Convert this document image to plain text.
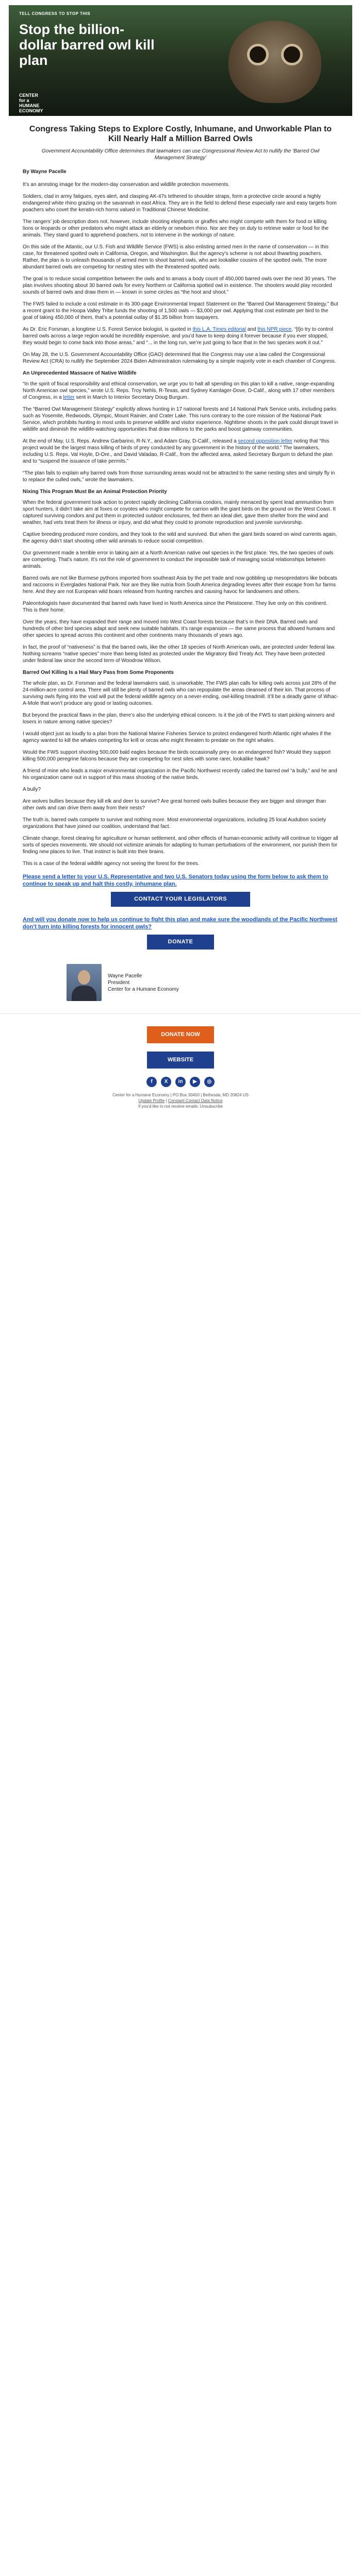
TELL CONGRESS TO STOP THIS
Stop the billion-dollar barred owl kill plan
CENTER
for a
HUMANE
ECONOMY
Congress Taking Steps to Explore Costly, Inhumane, and Unworkable Plan to Kill Nearly Half a Million Barred Owls
Government Accountability Office determines that lawmakers can use Congressional Review Act to nullify the ‘Barred Owl Management Strategy’

By Wayne Pacelle

It’s an arresting image for the modern-day conservation and wildlife protection movements.

Soldiers, clad in army fatigues, eyes alert, and clasping AK-47s tethered to shoulder straps, form a protective circle around a highly endangered white rhino grazing on the savannah in east Africa. They are in the field to defend these especially rare and easy targets from poachers who covet the keratin-rich horns valued in Traditional Chinese Medicine.

The rangers’ job description does not, however, include shooting elephants or giraffes who might compete with them for food or killing lions or leopards or other predators who might attack an elderly or newborn rhino. Nor are they on duty to retrieve water or food for the animals. They stand guard to apprehend poachers, not to intervene in the workings of nature.

On this side of the Atlantic, our U.S. Fish and Wildlife Service (FWS) is also enlisting armed men in the name of conservation — in this case, for threatened spotted owls in California, Oregon, and Washington. But the agency’s scheme is not about thwarting poachers. Rather, the plan is to unleash thousands of armed men to shoot barred owls, who are lookalike cousins of the spotted owls. The more abundant barred owls are competing for nesting sites with the threatened spotted owls.

The goal is to reduce social competition between the owls and to amass a body count of 450,000 barred owls over the next 30 years. The plan involves shooting about 30 barred owls for every Northern or California spotted owl in existence. The shooters would play recorded sounds of barred owls and draw them in — known in some circles as “the hoot and shoot.”

The FWS failed to include a cost estimate in its 300-page Environmental Impact Statement on the “Barred Owl Management Strategy.” But a recent grant to the Hoopa Valley Tribe funds the shooting of 1,500 owls — $3,000 per owl. Applying that cost estimate per bird to the goal of taking 450,000 of them, that’s a potential outlay of $1.35 billion from taxpayers.

As Dr. Eric Forsman, a longtime U.S. Forest Service biologist, is quoted in this L.A. Times editorial and this NPR piece, “[t]o try to control barred owls across a large region would be incredibly expensive, and you’d have to keep doing it forever because if you ever stopped, they would begin to come back into those areas,” and “... in the long run, we’re just going to face that in the two species work it out.”

On May 28, the U.S. Government Accountability Office (GAO) determined that the Congress may use a law called the Congressional Review Act (CRA) to nullify the September 2024 Biden Administration rulemaking by a simple majority vote in each chamber of Congress.

An Unprecedented Massacre of Native Wildlife

“In the spirit of fiscal responsibility and ethical conservation, we urge you to halt all spending on this plan to kill a native, range-expanding North American owl species,” wrote U.S. Reps. Troy Nehls, R-Texas, and Sydney Kamlager-Dove, D-Calif., along with 17 other members of Congress, in a letter sent in March to Interior Secretary Doug Burgum.

The “Barred Owl Management Strategy” explicitly allows hunting in 17 national forests and 14 National Park Service units, including parks such as Yosemite, Redwoods, Olympic, Mount Rainier, and Crater Lake. This runs contrary to the core mission of the National Park Service, which prohibits hunting in most units to preserve wildlife and visitor experience. Nighttime shoots in the park could disrupt travel in wildlife and diminish the wildlife-watching opportunities that draw millions to the parks and boost gateway communities.

At the end of May, U.S. Reps. Andrew Garbarino, R-N.Y., and Adam Gray, D-Calif., released a second opposition letter noting that “this project would be the largest mass killing of birds of prey conducted by any government in the history of the world.” The lawmakers, including U.S. Reps. Val Hoyle, D-Ore., and David Valadao, R-Calif., from the affected area, asked Secretary Burgum to defund the plan and to “suspend the issuance of take permits.”

“The plan fails to explain why barred owls from those surrounding areas would not be attracted to the same nesting sites and simply fly in to replace the culled owls,” wrote the lawmakers.

Nixing This Program Must Be an Animal Protection Priority

When the federal government took action to protect rapidly declining California condors, mainly menaced by spent lead ammunition from sport hunters, it didn’t take aim at foxes or coyotes who might compete for carrion with the giant birds on the ground on the West Coast. It captured surviving condors and put them in protected outdoor enclosures, fed them an ideal diet, gave them shelter from the wind and weather, had vets treat them for illness or injury, and did what they could to promote reproduction and juvenile survivorship.

Captive breeding produced more condors, and they took to the wild and survived. But when the giant birds soared on wind currents again, the agency didn’t start shooting other wild animals to reduce social competition.

Our government made a terrible error in taking aim at a North American native owl species in the first place. Yes, the two species of owls are competing. That’s nature. It’s not the role of government to conduct the impossible task of managing social relationships between animals.

Barred owls are not like Burmese pythons imported from southeast Asia by the pet trade and now gobbling up mesopredators like bobcats and raccoons in Everglades National Park. Nor are they like nutria from South America degrading levees after their escape from fur farms here. And they are not European wild boars released from hunting ranches and causing havoc for landowners and others.

Paleontologists have documented that barred owls have lived in North America since the Pleistocene. They live only on this continent. This is their home.

Over the years, they have expanded their range and moved into West Coast forests because that’s in their DNA. Barred owls and hundreds of other bird species adapt and seek new suitable habitats. It’s range expansion — the same process that allowed humans and other species to spread across this continent and other continents many thousands of years ago.

In fact, the proof of “nativeness” is that the barred owls, like the other 18 species of North American owls, are protected under federal law. Nothing screams “native species” more than being listed as protected under the Migratory Bird Treaty Act. They have been protected under federal law since the second term of Woodrow Wilson.

Barred Owl Killing Is a Hail Mary Pass from Some Proponents

The whole plan, as Dr. Forsman and the federal lawmakers said, is unworkable. The FWS plan calls for killing owls across just 28% of the 24-million-acre control area. There will still be plenty of barred owls who can repopulate the areas cleansed of their kin. That process of surviving owls flying into the void will put the federal wildlife agency on a never-ending, owl-killing treadmill. It’ll be a deadly game of Whac-A-Mole that won’t produce any good or lasting outcomes.

But beyond the practical flaws in the plan, there’s also the underlying ethical concern. Is it the job of the FWS to start picking winners and losers in nature among native species?

I would object just as loudly to a plan from the National Marine Fisheries Service to protect endangered North Atlantic right whales if the agency wanted to kill the whales competing for krill or orcas who might threaten to predate on the right whales.

Would the FWS support shooting 500,000 bald eagles because the birds occasionally prey on an endangered fish? Would they support killing 500,000 peregrine falcons because they are competing for nest sites with some rarer, lookalike hawk?

A friend of mine who leads a major environmental organization in the Pacific Northwest recently called the barred owl “a bully,” and he and his organization came out in support of this mass shooting of the native birds.

A bully?

Are wolves bullies because they kill elk and deer to survive? Are great horned owls bullies because they are bigger and stronger than other owls and can drive them away from their nests?

The truth is, barred owls compete to survive and nothing more. Most environmental organizations, including 25 local Audubon society organizations that have joined our coalition, understand that fact.

Climate change, forest clearing for agriculture or human settlement, and other effects of human-economic activity will continue to trigger all sorts of species movements. We should not victimize animals for adapting to human perturbations of the environment, nor punish them for finding new places to live. That instinct is built into their brains.

This is a case of the federal wildlife agency not seeing the forest for the trees.

Please send a letter to your U.S. Representative and two U.S. Senators today using the form below to ask them to continue to speak up and halt this costly, inhumane plan.
CONTACT YOUR LEGISLATORS
And will you donate now to help us continue to fight this plan and make sure the woodlands of the Pacific Northwest don’t turn into killing forests for innocent owls?
DONATE
Wayne Pacelle
President
Center for a Humane Economy
DONATE NOW
WEBSITE
f	X	in	▶	◎
Center for a Humane Economy | PO Box 30450 | Bethesda, MD 20824 US
Update Profile | Constant Contact Data Notice
If you'd like to not receive emails: Unsubscribe
